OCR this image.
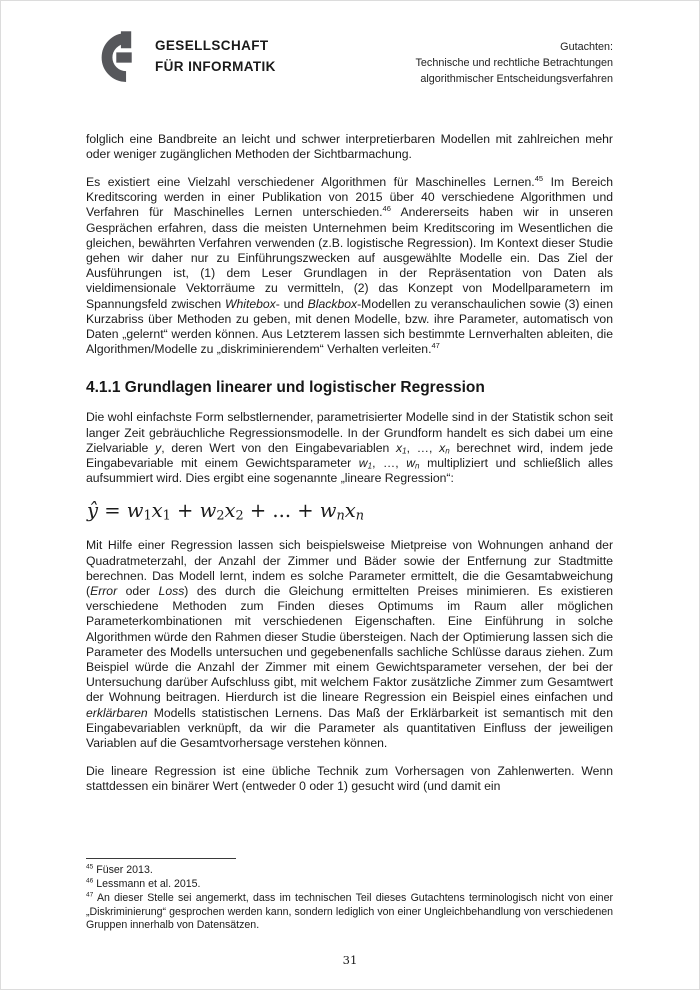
GESELLSCHAFT
FÜR INFORMATIK
Gutachten:
Technische und rechtliche Betrachtungen
algorithmischer Entscheidungsverfahren

folglich eine Bandbreite an leicht und schwer interpretierbaren Modellen mit zahlreichen mehr oder weniger zugänglichen Methoden der Sichtbarmachung.

Es existiert eine Vielzahl verschiedener Algorithmen für Maschinelles Lernen.$^{45}$ Im Bereich Kreditscoring werden in einer Publikation von 2015 über 40 verschiedene Algorithmen und Verfahren für Maschinelles Lernen unterschieden.$^{46}$ Andererseits haben wir in unseren Gesprächen erfahren, dass die meisten Unternehmen beim Kreditscoring im Wesentlichen die gleichen, bewährten Verfahren verwenden (z.B. logistische Regression). Im Kontext dieser Studie gehen wir daher nur zu Einführungszwecken auf ausgewählte Modelle ein. Das Ziel der Ausführungen ist, (1) dem Leser Grundlagen in der Repräsentation von Daten als vieldimensionale Vektorräume zu vermitteln, (2) das Konzept von Modellparametern im Spannungsfeld zwischen Whitebox- und Blackbox-Modellen zu veranschaulichen sowie (3) einen Kurzabriss über Methoden zu geben, mit denen Modelle, bzw. ihre Parameter, automatisch von Daten „gelernt“ werden können. Aus Letzterem lassen sich bestimmte Lernverhalten ableiten, die Algorithmen/Modelle zu „diskriminierendem“ Verhalten verleiten.$^{47}$

4.1.1 Grundlagen linearer und logistischer Regression

Die wohl einfachste Form selbstlernender, parametrisierter Modelle sind in der Statistik schon seit langer Zeit gebräuchliche Regressionsmodelle. In der Grundform handelt es sich dabei um eine Zielvariable y, deren Wert von den Eingabevariablen x1, …, xn berechnet wird, indem jede Eingabevariable mit einem Gewichtsparameter w1, …, wn multipliziert und schließlich alles aufsummiert wird. Dies ergibt eine sogenannte „lineare Regression“:

ŷ = w1x1 + w2x2 + ... + wnxn

Mit Hilfe einer Regression lassen sich beispielsweise Mietpreise von Wohnungen anhand der Quadratmeterzahl, der Anzahl der Zimmer und Bäder sowie der Entfernung zur Stadtmitte berechnen. Das Modell lernt, indem es solche Parameter ermittelt, die die Gesamtabweichung (Error oder Loss) des durch die Gleichung ermittelten Preises minimieren. Es existieren verschiedene Methoden zum Finden dieses Optimums im Raum aller möglichen Parameterkombinationen mit verschiedenen Eigenschaften. Eine Einführung in solche Algorithmen würde den Rahmen dieser Studie übersteigen. Nach der Optimierung lassen sich die Parameter des Modells untersuchen und gegebenenfalls sachliche Schlüsse daraus ziehen. Zum Beispiel würde die Anzahl der Zimmer mit einem Gewichtsparameter versehen, der bei der Untersuchung darüber Aufschluss gibt, mit welchem Faktor zusätzliche Zimmer zum Gesamtwert der Wohnung beitragen. Hierdurch ist die lineare Regression ein Beispiel eines einfachen und erklärbaren Modells statistischen Lernens. Das Maß der Erklärbarkeit ist semantisch mit den Eingabevariablen verknüpft, da wir die Parameter als quantitativen Einfluss der jeweiligen Variablen auf die Gesamtvorhersage verstehen können.

Die lineare Regression ist eine übliche Technik zum Vorhersagen von Zahlenwerten. Wenn stattdessen ein binärer Wert (entweder 0 oder 1) gesucht wird (und damit ein

$^{45}$ Füser 2013.

$^{46}$ Lessmann et al. 2015.

$^{47}$ An dieser Stelle sei angemerkt, dass im technischen Teil dieses Gutachtens terminologisch nicht von einer „Diskriminierung“ gesprochen werden kann, sondern lediglich von einer Ungleichbehandlung von verschiedenen Gruppen innerhalb von Datensätzen.

31
